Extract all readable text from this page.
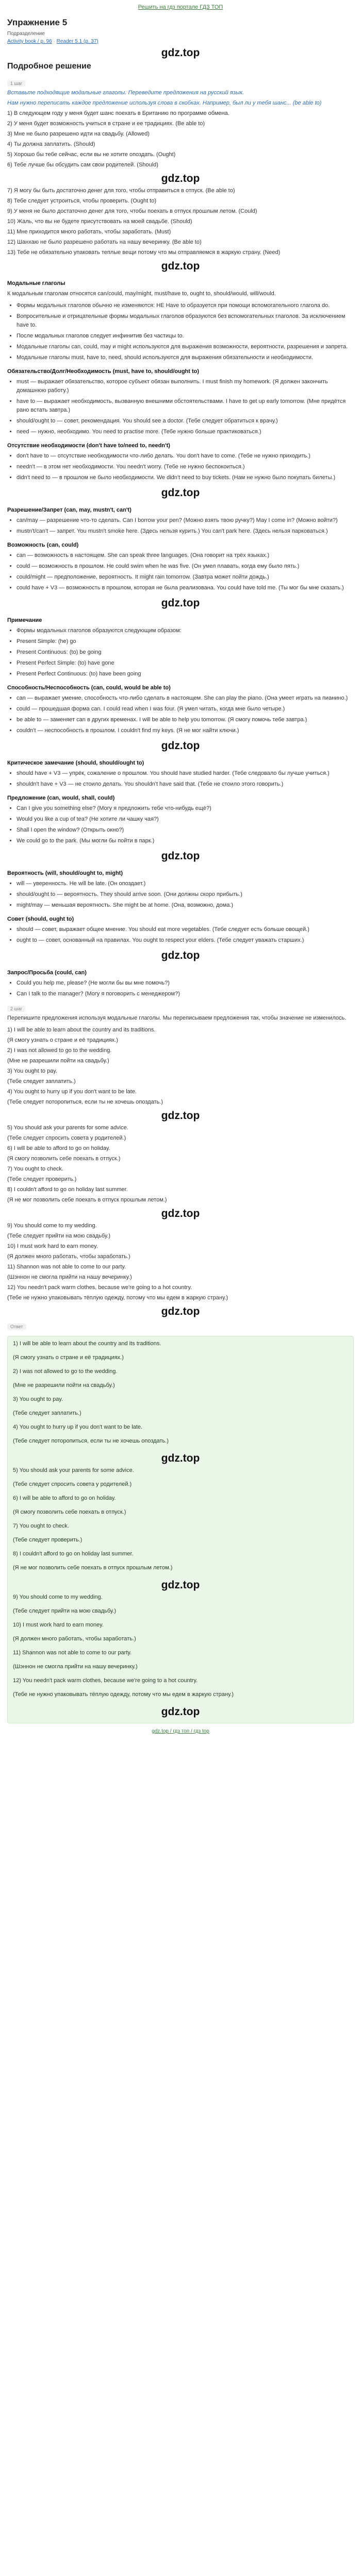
Решить на гдз портале ГДЗ ТОП
Упражнение 5
Подразделение
Activity book / p. 96 · Reader 5.1 (p. 37)
gdz.top
Подробное решение
1 шаг
Вставьте подходящие модальные глаголы. Переведите предложения на русский язык.
Нам нужно переписать каждое предложение используя слова в скобках. Например, был ли у тебя шанс... (be able to)
1) В следующем году у меня будет шанс поехать в Британию по программе обмена.
2) У меня будет возможность учиться в стране и ее традициях. (Be able to)
3) Мне не было разрешено идти на свадьбу. (Allowed)
4) Ты должна заплатить. (Should)
5) Хорошо бы тебе сейчас, если вы не хотите опоздать. (Ought)
6) Тебе лучше бы обсудить сам свои родителей. (Should)
gdz.top
7) Я могу бы быть достаточно денег для того, чтобы отправиться в отпуск. (Be able to)
8) Тебе следует устроиться, чтобы проверить. (Ought to)
9) У меня не было достаточно денег для того, чтобы поехать в отпуск прошлым летом. (Could)
10) Жаль, что вы не будете присутствовать на моей свадьбе. (Should)
11) Мне приходится много работать, чтобы заработать. (Must)
12) Шанхаю не было разрешено работать на нашу вечеринку. (Be able to)
13) Тебе не обязательно упаковать теплые вещи потому что мы отправляемся в жаркую страну. (Need)
gdz.top
Модальные глаголы
К модальным глаголам относятся can/could, may/might, must/have to, ought to, should/would, will/would.
• Формы модальных глаголов обычно не изменяются: НЕ Have to образуется при помощи вспомогательного глагола do.
• Вопросительные и отрицательные формы модальных глаголов образуются без вспомогательных глаголов. За исключением have to.
• После модальных глаголов следует инфинитив без частицы to.
• Модальные глаголы can, could, may и might используются для выражения возможности, вероятности, разрешения и запрета.
• Модальные глаголы must, have to, need, should используются для выражения обязательности и необходимости.
Обязательство/Долг/Необходимость (must, have to, should/ought to)
• must — выражает обязательство, которое субъект обязан выполнить. I must finish my homework. (Я должен закончить домашнюю работу.)
• have to — выражает необходимость, вызванную внешними обстоятельствами. I have to get up early tomorrow. (Мне придётся рано встать завтра.)
• should/ought to — совет, рекомендация. You should see a doctor. (Тебе следует обратиться к врачу.)
• need — нужно, необходимо. You need to practise more. (Тебе нужно больше практиковаться.)
Отсутствие необходимости (don't have to/need to, needn't)
• don't have to — отсутствие необходимости что-либо делать. You don't have to come. (Тебе не нужно приходить.)
• needn't — в этом нет необходимости. You needn't worry. (Тебе не нужно беспокоиться.)
• didn't need to — в прошлом не было необходимости. We didn't need to buy tickets. (Нам не нужно было покупать билеты.)
gdz.top
Разрешение/Запрет (can, may, mustn't, can't)
• can/may — разрешение что-то сделать. Can I borrow your pen? (Можно взять твою ручку?) May I come in? (Можно войти?)
• mustn't/can't — запрет. You mustn't smoke here. (Здесь нельзя курить.) You can't park here. (Здесь нельзя парковаться.)
Возможность (can, could)
• can — возможность в настоящем. She can speak three languages. (Она говорит на трёх языках.)
• could — возможность в прошлом. He could swim when he was five. (Он умел плавать, когда ему было пять.)
• could/might — предположение, вероятность. It might rain tomorrow. (Завтра может пойти дождь.)
• could have + V3 — возможность в прошлом, которая не была реализована. You could have told me. (Ты мог бы мне сказать.)
gdz.top
Примечание
• Формы модальных глаголов образуются следующим образом:
• Present Simple: (he) go
• Present Continuous: (to) be going
• Present Perfect Simple: (to) have gone
• Present Perfect Continuous: (to) have been going
Способность/Неспособность (can, could, would be able to)
• can — выражает умение, способность что-либо сделать в настоящем. She can play the piano. (Она умеет играть на пианино.)
• could — прошедшая форма can. I could read when I was four. (Я умел читать, когда мне было четыре.)
• be able to — заменяет can в других временах. I will be able to help you tomorrow. (Я смогу помочь тебе завтра.)
• couldn't — неспособность в прошлом. I couldn't find my keys. (Я не мог найти ключи.)
gdz.top
Критическое замечание (should, should/ought to)
• should have + V3 — упрёк, сожаление о прошлом. You should have studied harder. (Тебе следовало бы лучше учиться.)
• shouldn't have + V3 — не стоило делать. You shouldn't have said that. (Тебе не стоило этого говорить.)
Предложение (can, would, shall, could)
• Can I give you something else? (Могу я предложить тебе что-нибудь ещё?)
• Would you like a cup of tea? (Не хотите ли чашку чая?)
• Shall I open the window? (Открыть окно?)
• We could go to the park. (Мы могли бы пойти в парк.)
gdz.top
Вероятность (will, should/ought to, might)
• will — уверенность. He will be late. (Он опоздает.)
• should/ought to — вероятность. They should arrive soon. (Они должны скоро прибыть.)
• might/may — меньшая вероятность. She might be at home. (Она, возможно, дома.)
Совет (should, ought to)
• should — совет, выражает общее мнение. You should eat more vegetables. (Тебе следует есть больше овощей.)
• ought to — совет, основанный на правилах. You ought to respect your elders. (Тебе следует уважать старших.)
gdz.top
Запрос/Просьба (could, can)
• Could you help me, please? (Не могли бы вы мне помочь?)
• Can I talk to the manager? (Могу я поговорить с менеджером?)
2 шаг
Перепишите предложения используя модальные глаголы. Мы переписываем предложения так, чтобы значение не изменилось.
1) I will be able to learn about the country and its traditions.
(Я смогу узнать о стране и её традициях.)
2) I was not allowed to go to the wedding.
(Мне не разрешили пойти на свадьбу.)
3) You ought to pay.
(Тебе следует заплатить.)
4) You ought to hurry up if you don't want to be late.
(Тебе следует поторопиться, если ты не хочешь опоздать.)
gdz.top
5) You should ask your parents for some advice.
(Тебе следует спросить совета у родителей.)
6) I will be able to afford to go on holiday.
(Я смогу позволить себе поехать в отпуск.)
7) You ought to check.
(Тебе следует проверить.)
8) I couldn't afford to go on holiday last summer.
(Я не мог позволить себе поехать в отпуск прошлым летом.)
gdz.top
9) You should come to my wedding.
(Тебе следует прийти на мою свадьбу.)
10) I must work hard to earn money.
(Я должен много работать, чтобы заработать.)
11) Shannon was not able to come to our party.
(Шэннон не смогла прийти на нашу вечеринку.)
12) You needn't pack warm clothes, because we're going to a hot country.
(Тебе не нужно упаковывать тёплую одежду, потому что мы едем в жаркую страну.)
gdz.top
Ответ
1) I will be able to learn about the country and its traditions.
(Я смогу узнать о стране и её традициях.)
2) I was not allowed to go to the wedding.
(Мне не разрешили пойти на свадьбу.)
3) You ought to pay.
(Тебе следует заплатить.)
4) You ought to hurry up if you don't want to be late.
(Тебе следует поторопиться, если ты не хочешь опоздать.)
gdz.top
5) You should ask your parents for some advice.
(Тебе следует спросить совета у родителей.)
6) I will be able to afford to go on holiday.
(Я смогу позволить себе поехать в отпуск.)
7) You ought to check.
(Тебе следует проверить.)
8) I couldn't afford to go on holiday last summer.
(Я не мог позволить себе поехать в отпуск прошлым летом.)
gdz.top
9) You should come to my wedding.
(Тебе следует прийти на мою свадьбу.)
10) I must work hard to earn money.
(Я должен много работать, чтобы заработать.)
11) Shannon was not able to come to our party.
(Шэннон не смогла прийти на нашу вечеринку.)
12) You needn't pack warm clothes, because we're going to a hot country.
(Тебе не нужно упаковывать тёплую одежду, потому что мы едем в жаркую страну.)
gdz.top
gdz.top / гдз топ / гдз top
